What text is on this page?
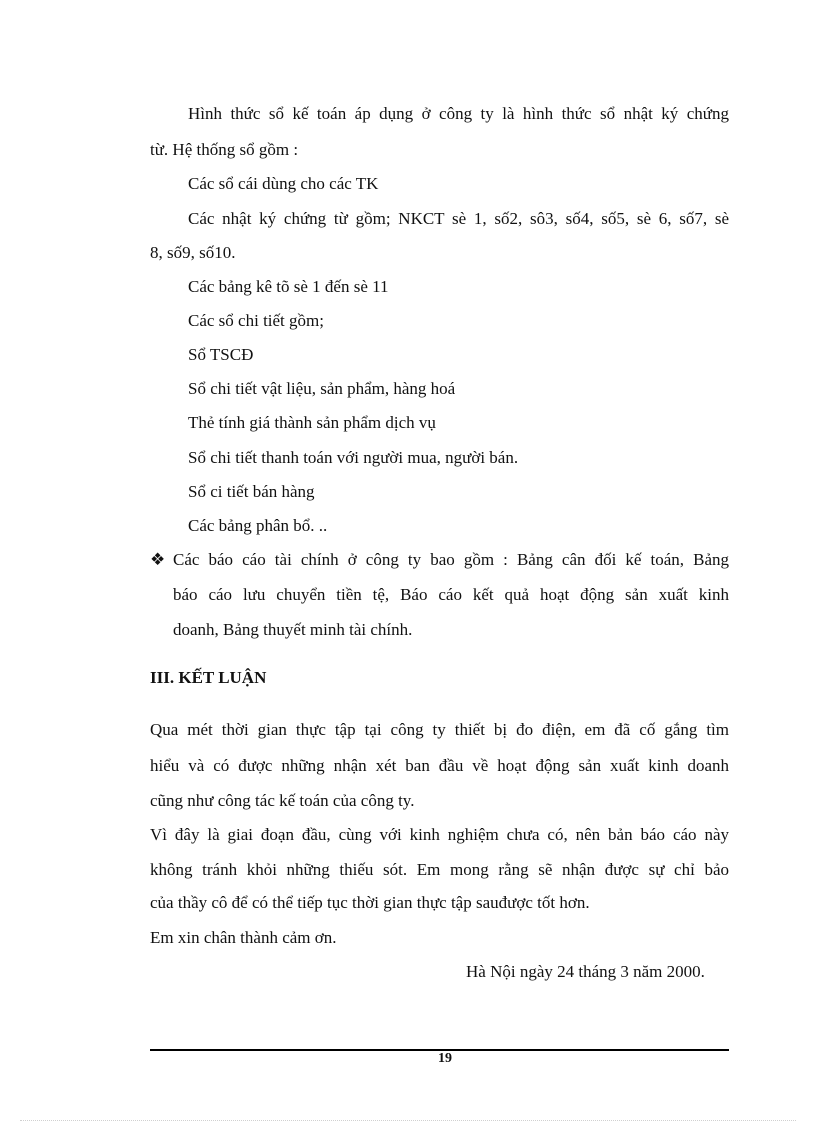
Hình thức sổ kế toán áp dụng ở công ty là hình thức sổ nhật ký chứng
từ. Hệ thống sổ gồm :
Các sổ cái dùng cho các TK
Các nhật ký chứng từ gồm; NKCT sè 1, số2, sô3, số4, số5, sè 6, số7, sè
8, số9, số10.
Các bảng kê tõ sè 1 đến sè 11
Các sổ chi tiết gồm;
Sổ TSCĐ
Sổ chi tiết vật liệu, sản phẩm, hàng hoá
Thẻ tính giá thành sản phẩm dịch vụ
Sổ chi tiết thanh toán với người mua, người bán.
Sổ ci tiết bán hàng
Các bảng phân bổ. ..
❖ Các báo cáo tài chính ở công ty bao gồm : Bảng cân đối kế toán, Bảng
báo cáo lưu chuyển tiền tệ, Báo cáo kết quả hoạt động sản xuất kinh
doanh, Bảng thuyết minh tài chính.
III. KẾT LUẬN
Qua mét thời gian thực tập tại công ty thiết bị đo điện, em đã cố gắng tìm
hiểu và có được những nhận xét ban đầu về hoạt động sản xuất kinh doanh
cũng như công tác kế toán của công ty.
Vì đây là giai đoạn đầu, cùng với kinh nghiệm chưa có, nên bản báo cáo này
không tránh khỏi những thiếu sót. Em mong rằng sẽ nhận được sự chỉ bảo
của thầy cô để có thể tiếp tục thời gian thực tập sauđược tốt hơn.
Em xin chân thành cảm ơn.
Hà Nội ngày 24 tháng 3 năm 2000.
19
